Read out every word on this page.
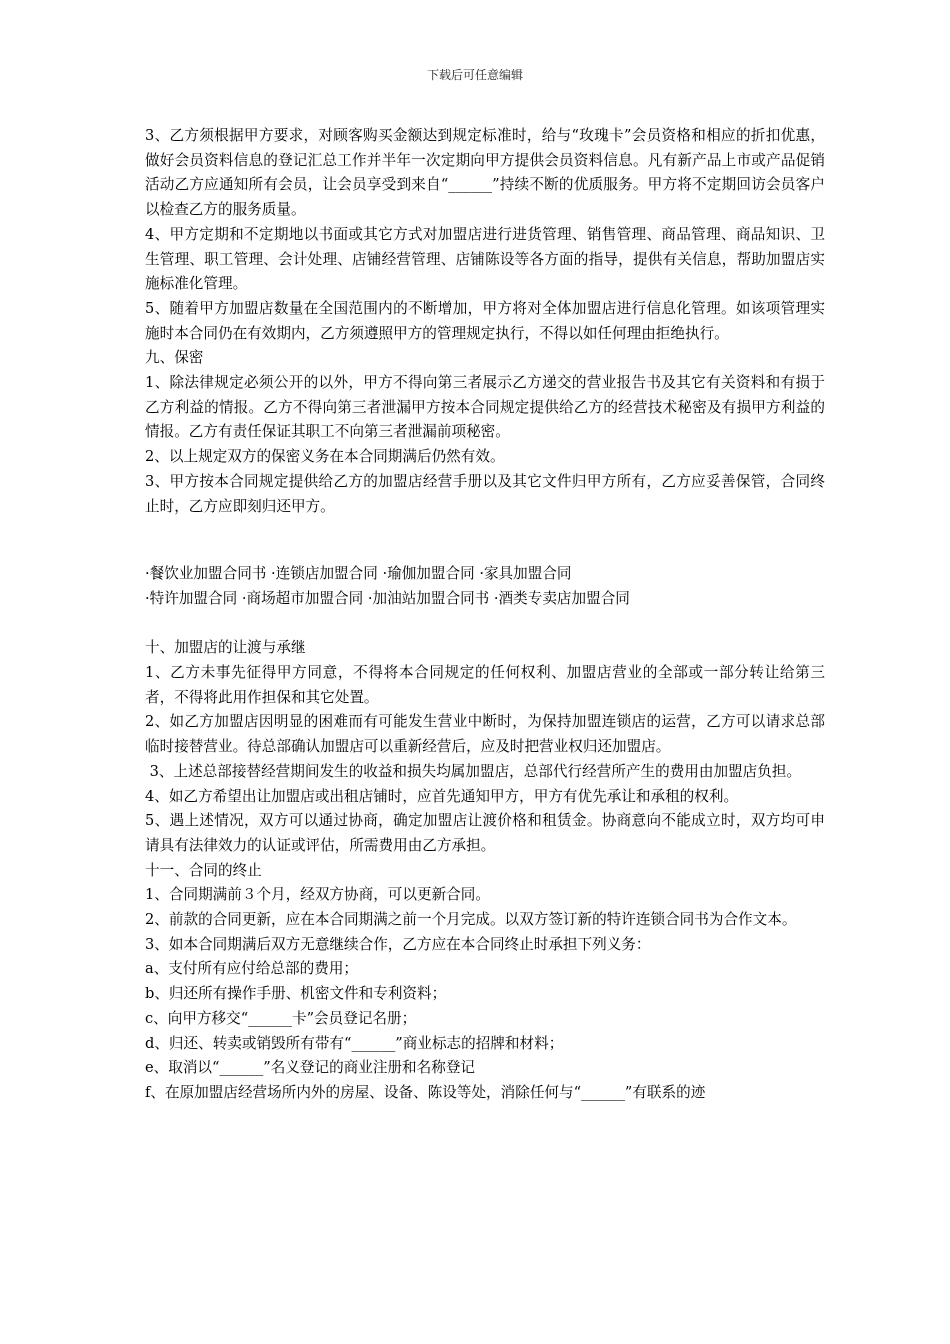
下载后可任意编辑

3、乙方须根据甲方要求，对顾客购买金额达到规定标准时，给与“玫瑰卡”会员资格和相应的折扣优惠，做好会员资料信息的登记汇总工作并半年一次定期向甲方提供会员资料信息。凡有新产品上市或产品促销活动乙方应通知所有会员，让会员享受到来自“______”持续不断的优质服务。甲方将不定期回访会员客户以检查乙方的服务质量。

4、甲方定期和不定期地以书面或其它方式对加盟店进行进货管理、销售管理、商品管理、商品知识、卫生管理、职工管理、会计处理、店铺经营管理、店铺陈设等各方面的指导，提供有关信息，帮助加盟店实施标准化管理。

5、随着甲方加盟店数量在全国范围内的不断增加，甲方将对全体加盟店进行信息化管理。如该项管理实施时本合同仍在有效期内，乙方须遵照甲方的管理规定执行，不得以如任何理由拒绝执行。

九、保密

1、除法律规定必须公开的以外，甲方不得向第三者展示乙方递交的营业报告书及其它有关资料和有损于乙方利益的情报。乙方不得向第三者泄漏甲方按本合同规定提供给乙方的经营技术秘密及有损甲方利益的情报。乙方有责任保证其职工不向第三者泄漏前项秘密。

2、以上规定双方的保密义务在本合同期满后仍然有效。

3、甲方按本合同规定提供给乙方的加盟店经营手册以及其它文件归甲方所有，乙方应妥善保管，合同终止时，乙方应即刻归还甲方。

·餐饮业加盟合同书 ·连锁店加盟合同 ·瑜伽加盟合同 ·家具加盟合同

·特许加盟合同 ·商场超市加盟合同 ·加油站加盟合同书 ·酒类专卖店加盟合同

十、加盟店的让渡与承继

1、乙方未事先征得甲方同意，不得将本合同规定的任何权利、加盟店营业的全部或一部分转让给第三者，不得将此用作担保和其它处置。

2、如乙方加盟店因明显的困难而有可能发生营业中断时，为保持加盟连锁店的运营，乙方可以请求总部临时接替营业。待总部确认加盟店可以重新经营后，应及时把营业权归还加盟店。

3、上述总部接替经营期间发生的收益和损失均属加盟店，总部代行经营所产生的费用由加盟店负担。

4、如乙方希望出让加盟店或出租店铺时，应首先通知甲方，甲方有优先承让和承租的权利。

5、遇上述情况，双方可以通过协商，确定加盟店让渡价格和租赁金。协商意向不能成立时，双方均可申请具有法律效力的认证或评估，所需费用由乙方承担。

十一、合同的终止

1、合同期满前３个月，经双方协商，可以更新合同。

2、前款的合同更新，应在本合同期满之前一个月完成。以双方签订新的特许连锁合同书为合作文本。

3、如本合同期满后双方无意继续合作，乙方应在本合同终止时承担下列义务：

a、支付所有应付给总部的费用；

b、归还所有操作手册、机密文件和专利资料；

c、向甲方移交“______卡”会员登记名册；

d、归还、转卖或销毁所有带有“______”商业标志的招牌和材料；

e、取消以“______”名义登记的商业注册和名称登记

f、在原加盟店经营场所内外的房屋、设备、陈设等处，消除任何与“______”有联系的迹
